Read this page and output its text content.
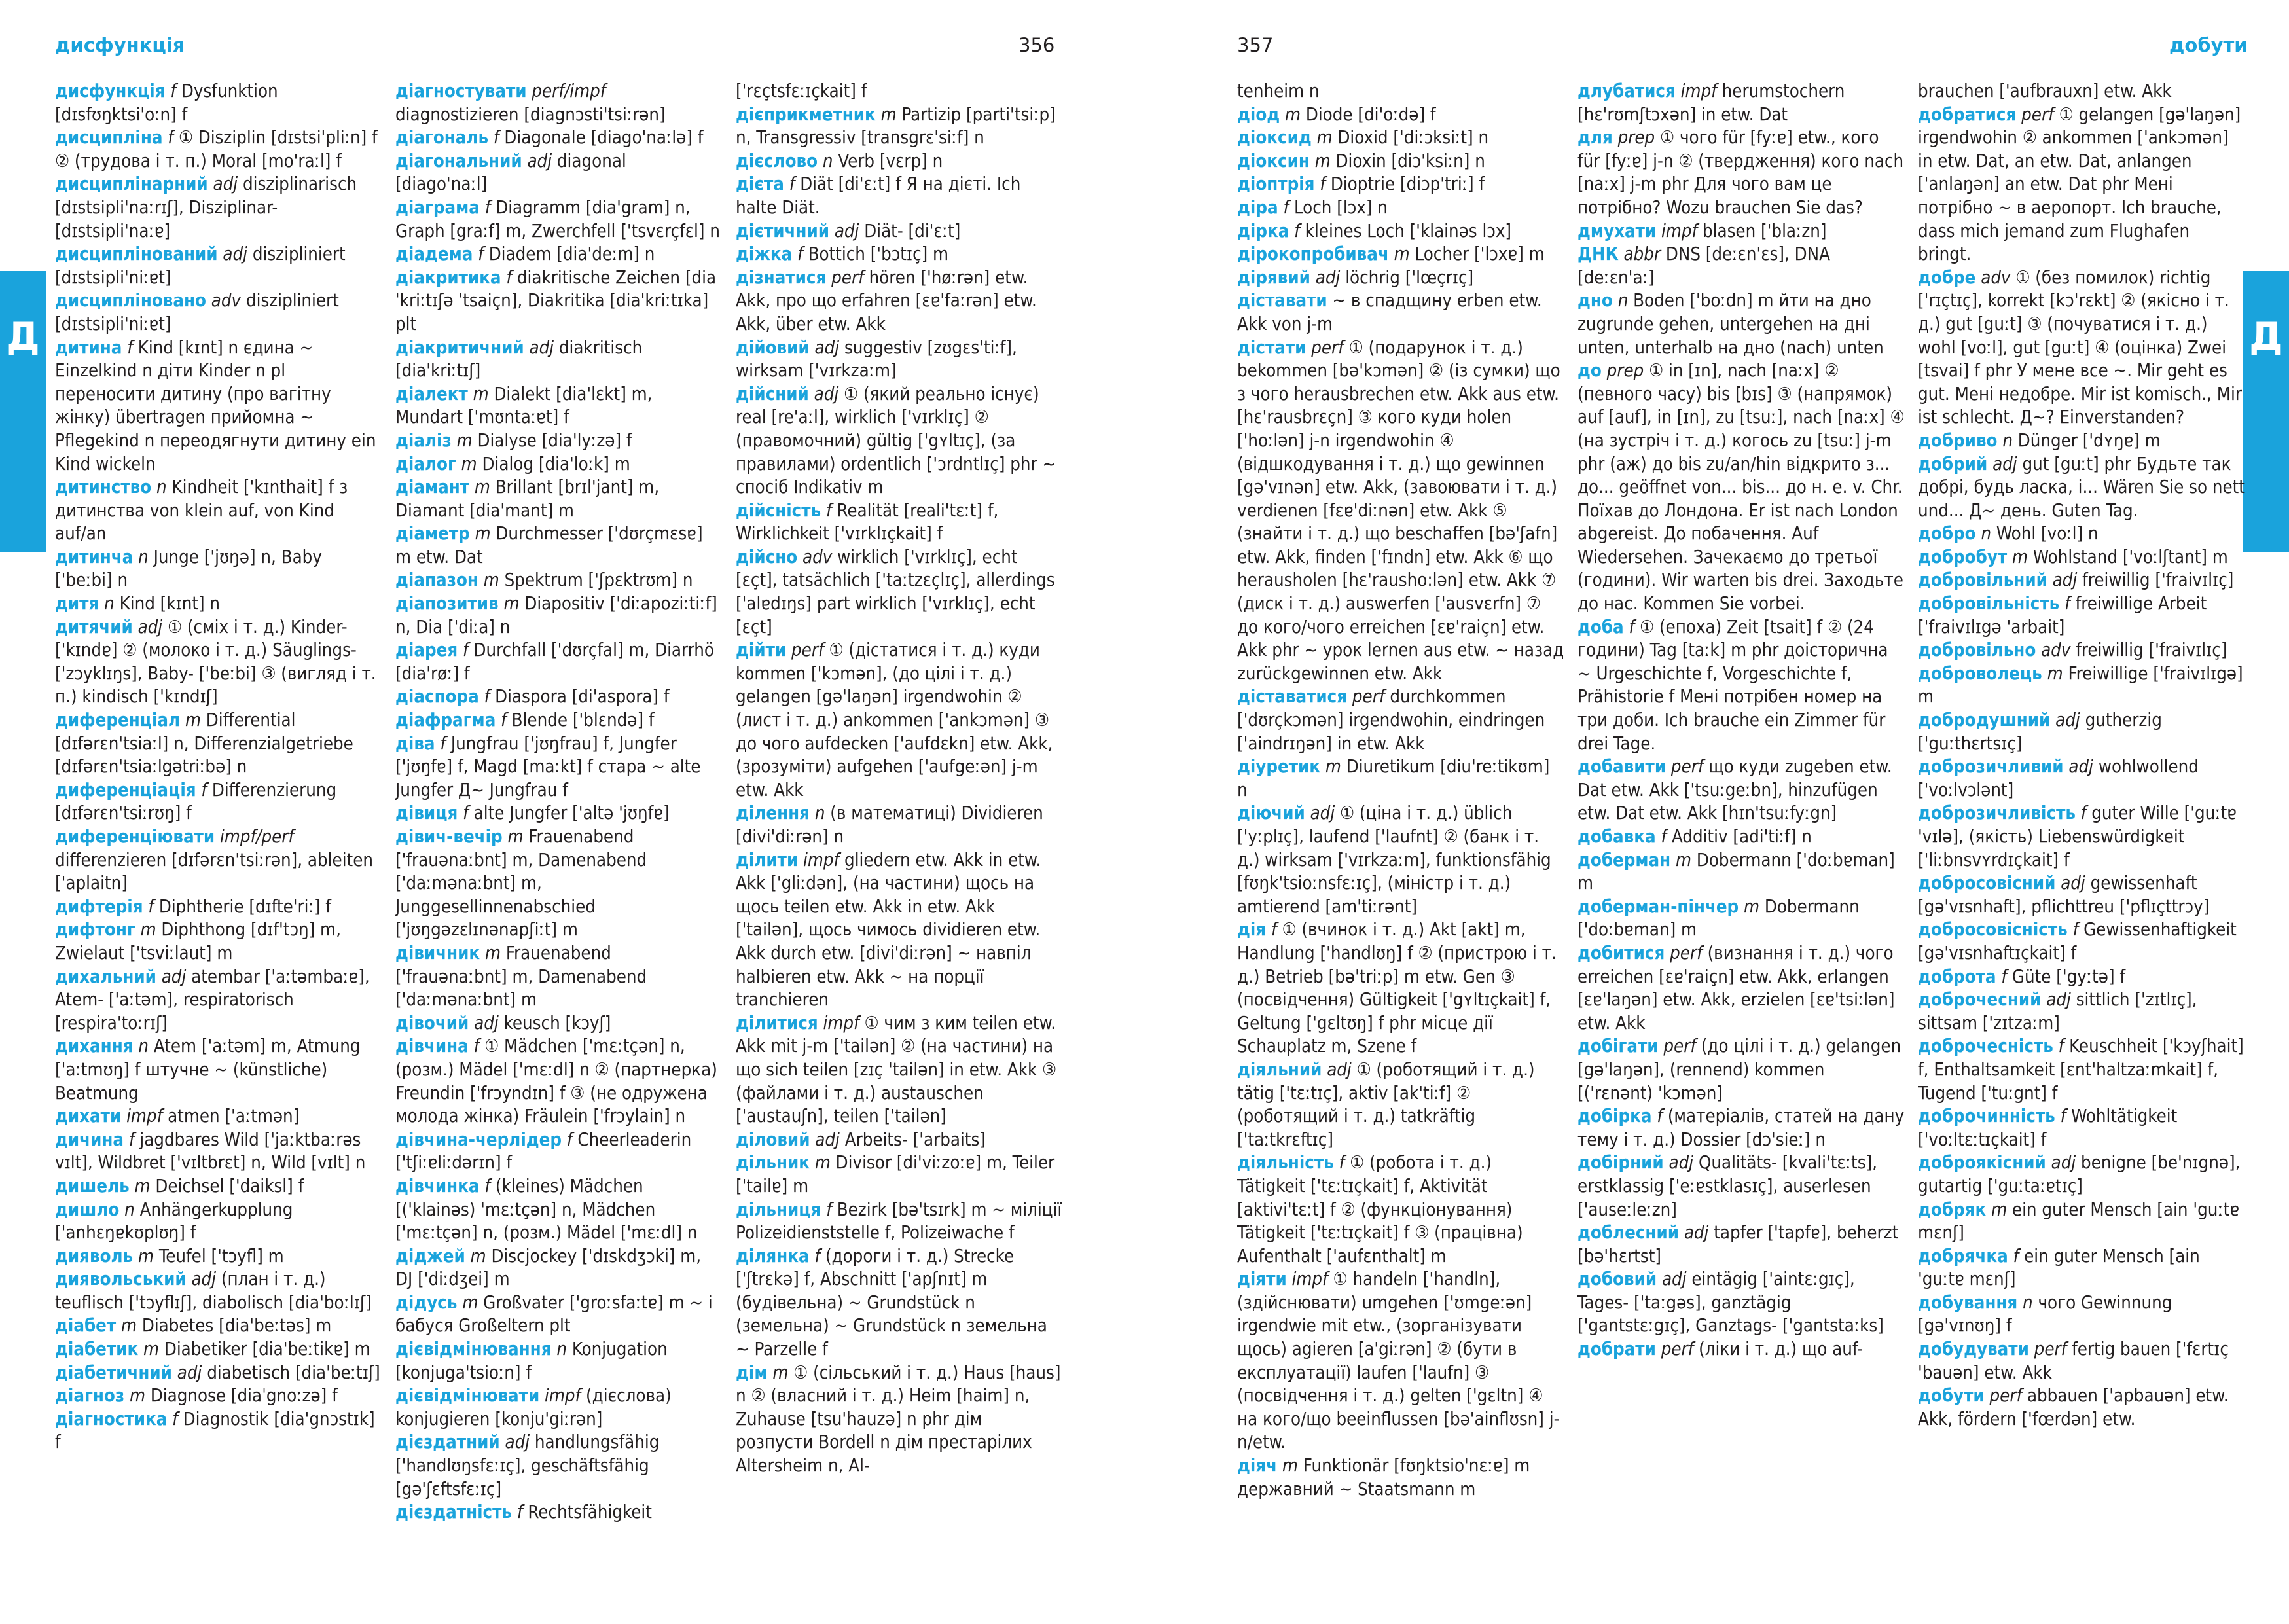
дисфункція	356
Д

дисфункція f Dysfunktion [dɪsfʊŋktsi'oːn] f

дисципліна f ① Disziplin [dɪstsi'pliːn] f ② (трудова і т. п.) Moral [mo'raːl] f

дисциплінарний adj disziplinarisch [dɪstsipli'naːrɪʃ], Disziplinar- [dɪstsipli'naːɐ]

дисциплінований adj diszipliniert [dɪstsipli'niːɐt]

дисципліновано adv diszipliniert [dɪstsipli'niːɐt]

дитина f Kind [kɪnt] n єдина ~ Einzelkind n діти Kinder n pl переносити дитину (про вагітну жінку) übertragen прийомна ~ Pflegekind n переодягнути дитину ein Kind wickeln

дитинство n Kindheit ['kɪnthait] f з дитинства von klein auf, von Kind auf/an

дитинча n Junge ['jʊŋə] n, Baby ['beːbi] n

дитя n Kind [kɪnt] n

дитячий adj ① (сміх і т. д.) Kinder- ['kɪndɐ] ② (молоко і т. д.) Säuglings- ['zɔyklɪŋs], Baby- ['beːbi] ③ (вигляд і т. п.) kindisch ['kɪndɪʃ]

диференціал m Differential [dɪfərɛn'tsiaːl] n, Differenzialgetriebe [dɪfərɛn'tsiaːlgətriːbə] n

диференціація f Differenzierung [dɪfərɛn'tsiːrʊŋ] f

диференціювати impf/perf differenzieren [dɪfərɛn'tsiːrən], ableiten ['aplaitn]

дифтерія f Diphtherie [dɪfte'riː] f

дифтонг m Diphthong [dɪf'tɔŋ] m, Zwielaut ['tsviːlaut] m

дихальний adj atembar ['aːtəmbaːɐ], Atem- ['aːtəm], respiratorisch [respira'toːrɪʃ]

дихання n Atem ['aːtəm] m, Atmung ['aːtmʊŋ] f штучне ~ (künstliche) Beatmung

дихати impf atmen ['aːtmən]

дичина f jagdbares Wild ['jaːktbaːrəs vɪlt], Wildbret ['vɪltbrɛt] n, Wild [vɪlt] n

дишель m Deichsel ['daiksl] f

дишло n Anhängerkupplung ['anhɛŋɐkʊplʊŋ] f

дияволь m Teufel ['tɔyfl] m

диявольський adj (план і т. д.) teuflisch ['tɔyflɪʃ], diabolisch [dia'boːlɪʃ]

діабет m Diabetes [dia'beːtəs] m

діабетик m Diabetiker [dia'beːtikɐ] m

діабетичний adj diabetisch [dia'beːtɪʃ]

діагноз m Diagnose [diaˈgnoːzə] f

діагностика f Diagnostik [dia'gnɔstɪk] f

діагностувати perf/impf diagnostizieren [diagnɔsti'tsiːrən]

діагональ f Diagonale [diago'naːlə] f

діагональний adj diagonal [diago'naːl]

діаграма f Diagramm [dia'gram] n, Graph [graːf] m, Zwerchfell ['tsvɛrçfɛl] n

діадема f Diadem [dia'deːm] n

діакритика f diakritische Zeichen [diaˈkriːtɪʃə ˈtsaiçn], Diakritika [dia'kriːtɪka] plt

діакритичний adj diakritisch [dia'kriːtɪʃ]

діалект m Dialekt [dia'lɛkt] m, Mundart ['mʊntaːɐt] f

діаліз m Dialyse [dia'lyːzə] f

діалог m Dialog [dia'loːk] m

діамант m Brillant [brɪl'jant] m, Diamant [dia'mant] m

діаметр m Durchmesser ['dʊrçmɛsɐ] m etw. Dat

діапазон m Spektrum ['ʃpɛktrʊm] n

діапозитив m Diapositiv ['diːapoziːtiːf] n, Dia ['diːa] n

діарея f Durchfall ['dʊrçfal] m, Diarrhö [dia'røː] f

діаспора f Diaspora [di'aspora] f

діафрагма f Blende ['blɛndə] f

діва f Jungfrau ['jʊŋfrau] f, Jungfer ['jʊŋfɐ] f, Magd [maːkt] f стара ~ alte Jungfer Д~ Jungfrau f

дівиця f alte Jungfer ['altə 'jʊŋfɐ]

дівич-вечір m Frauenabend ['frauənaːbnt] m, Damenabend ['daːmənaːbnt] m, Junggesellinnenabschied ['jʊŋgəzɛlɪnənapʃiːt] m

дівичник m Frauenabend ['frauənaːbnt] m, Damenabend ['daːmənaːbnt] m

дівочий adj keusch [kɔyʃ]

дівчина f ① Mädchen ['mɛːtçən] n, (розм.) Mädel ['mɛːdl] n ② (партнерка) Freundin ['frɔyndɪn] f ③ (не одружена молода жінка) Fräulein ['frɔylain] n

дівчина-черлідер f Cheerleaderin ['tʃiːɐliːdərɪn] f

дівчинка f (kleines) Mädchen [('klainəs) 'mɛːtçən] n, Mädchen ['mɛːtçən] n, (розм.) Mädel ['mɛːdl] n

діджей m Discjockey ['dɪskdʒɔki] m, DJ ['diːdʒei] m

дідусь m Großvater ['groːsfaːtɐ] m ~ і бабуся Großeltern plt

дієвідмінювання n Konjugation [konjuga'tsioːn] f

дієвідмінювати impf (дієслова) konjugieren [konju'giːrən]

дієздатний adj handlungsfähig ['handlʊŋsfɛːɪç], geschäftsfähig [gə'ʃɛftsfɛːɪç]

дієздатність f Rechtsfähigkeit

['rɛçtsfɛːɪçkait] f

дієприкметник m Partizip [parti'tsiːp] n, Transgressiv [transgrɛ'siːf] n

дієслово n Verb [vɛrp] n

дієта f Diät [di'ɛːt] f Я на дієті. Ich halte Diät.

дієтичний adj Diät- [di'ɛːt]

діжка f Bottich ['bɔtɪç] m

дізнатися perf hören ['høːrən] etw. Akk, про що erfahren [ɛɐ'faːrən] etw. Akk, über etw. Akk

дійовий adj suggestiv [zʊgɛs'tiːf], wirksam ['vɪrkzaːm]

дійсний adj ① (який реально існує) real [re'aːl], wirklich ['vɪrklɪç] ② (правомочний) gültig ['gʏltɪç], (за правилами) ordentlich ['ɔrdntlɪç] phr ~ спосіб Indikativ m

дійсність f Realität [reali'tɛːt] f, Wirklichkeit ['vɪrklɪçkait] f

дійсно adv wirklich ['vɪrklɪç], echt [ɛçt], tatsächlich ['taːtzɛçlɪç], allerdings ['alɐdɪŋs] part wirklich ['vɪrklɪç], echt [ɛçt]

дійти perf ① (дістатися і т. д.) куди kommen ['kɔmən], (до цілі і т. д.) gelangen [gə'laŋən] irgendwohin ② (лист і т. д.) ankommen ['ankɔmən] ③ до чого aufdecken ['aufdɛkn] etw. Akk, (зрозуміти) aufgehen ['aufgeːən] j-m etw. Akk

ділення n (в математиці) Dividieren [divi'diːrən] n

ділити impf gliedern etw. Akk in etw. Akk ['gliːdən], (на частини) щось на щось teilen etw. Akk in etw. Akk ['tailən], щось чимось dividieren etw. Akk durch etw. [divi'diːrən] ~ навпіл halbieren etw. Akk ~ на порції tranchieren

ділитися impf ① чим з ким teilen etw. Akk mit j-m ['tailən] ② (на частини) на що sich teilen [zɪç 'tailən] in etw. Akk ③ (файлами і т. д.) austauschen ['austauʃn], teilen ['tailən]

діловий adj Arbeits- ['arbaits]

дільник m Divisor [di'viːzoːɐ] m, Teiler ['tailɐ] m

дільниця f Bezirk [bə'tsɪrk] m ~ міліції Polizeidienststelle f, Polizeiwache f

ділянка f (дороги і т. д.) Strecke ['ʃtrɛkə] f, Abschnitt ['apʃnɪt] m (будівельна) ~ Grundstück n (земельна) ~ Grundstück n земельна ~ Parzelle f

дім m ① (сільський і т. д.) Haus [haus] n ② (власний і т. д.) Heim [haim] n, Zuhause [tsu'hauzə] n phr дім розпусти Bordell n дім престарілих Altersheim n, Al-

357	добути
Д

tenheim n

діод m Diode [di'oːdə] f

діоксид m Dioxid ['diːɔksiːt] n

діоксин m Dioxin [diɔ'ksiːn] n

діоптрія f Dioptrie [diɔp'triː] f

діра f Loch [lɔx] n

дірка f kleines Loch ['klainəs lɔx]

дірокопробивач m Locher ['lɔxɐ] m

дірявий adj löchrig ['lœçrɪç]

діставати ~ в спадщину erben etw. Akk von j-m

дістати perf ① (подарунок і т. д.) bekommen [bə'kɔmən] ② (із сумки) що з чого herausbrechen etw. Akk aus etw. [hɛ'rausbrɛçn] ③ кого куди holen ['hoːlən] j-n irgendwohin ④ (відшкодування і т. д.) що gewinnen [gə'vɪnən] etw. Akk, (завоювати і т. д.) verdienen [fɛɐ'diːnən] etw. Akk ⑤ (знайти і т. д.) що beschaffen [bə'ʃafn] etw. Akk, finden ['fɪndn] etw. Akk ⑥ що herausholen [hɛ'rausho:lən] etw. Akk ⑦ (диск і т. д.) auswerfen ['ausvɛrfn] ⑦ до кого/чого erreichen [ɛɐ'raiçn] etw. Akk phr ~ урок lernen aus etw. ~ назад zurückgewinnen etw. Akk

діставатися perf durchkommen ['dʊrçkɔmən] irgendwohin, eindringen ['aindrɪŋən] in etw. Akk

діуретик m Diuretikum [diu'reːtikʊm] n

діючий adj ① (ціна і т. д.) üblich ['yːplɪç], laufend ['laufnt] ② (банк і т. д.) wirksam ['vɪrkzaːm], funktionsfähig [fʊŋk'tsioːnsfɛːɪç], (міністр і т. д.) amtierend [am'tiːrənt]

дія f ① (вчинок і т. д.) Akt [akt] m, Handlung ['handlʊŋ] f ② (пристрою і т. д.) Betrieb [bə'triːp] m etw. Gen ③ (посвідчення) Gültigkeit ['gʏltɪçkait] f, Geltung ['gɛltʊŋ] f phr місце дії Schauplatz m, Szene f

діяльний adj ① (роботящий і т. д.) tätig ['tɛːtɪç], aktiv [ak'tiːf] ② (роботящий і т. д.) tatkräftig ['taːtkrɛftɪç]

діяльність f ① (робота і т. д.) Tätigkeit ['tɛːtɪçkait] f, Aktivität [aktivi'tɛːt] f ② (функціонування) Tätigkeit ['tɛːtɪçkait] f ③ (працівна) Aufenthalt ['aufɛnthalt] m

діяти impf ① handeln ['handln], (здійснювати) umgehen ['ʊmgeːən] irgendwie mit etw., (зорганізувати щось) agieren [a'giːrən] ② (бути в експлуатації) laufen ['laufn] ③ (посвідчення і т. д.) gelten ['gɛltn] ④ на кого/що beeinflussen [bə'ainflʊsn] j-n/etw.

діяч m Funktionär [fʊŋktsio'nɛːɐ] m державний ~ Staatsmann m

длубатися impf herumstochern [hɛ'rʊmʃtɔxən] in etw. Dat

для prep ① чого für [fyːɐ] etw., кого für [fyːɐ] j-n ② (твердження) кого nach [naːx] j-m phr Для чого вам це потрібно? Wozu brauchen Sie das?

дмухати impf blasen ['blaːzn]

ДНК abbr DNS [deːɛn'ɛs], DNA [deːɛn'aː]

дно n Boden ['boːdn] m йти на дно zugrunde gehen, untergehen на дні unten, unterhalb на дно (nach) unten

до prep ① in [ɪn], nach [naːx] ② (певного часу) bis [bɪs] ③ (напрямок) auf [auf], in [ɪn], zu [tsuː], nach [naːx] ④ (на зустріч і т. д.) когось zu [tsuː] j-m phr (аж) до bis zu/an/hin відкрито з... до... geöffnet von... bis... до н. е. v. Chr. Поїхав до Лондона. Er ist nach London abgereist. До побачення. Auf Wiedersehen. Зачекаємо до третьої (години). Wir warten bis drei. Заходьте до нас. Kommen Sie vorbei.

доба f ① (епоха) Zeit [tsait] f ② (24 години) Tag [taːk] m phr доісторична ~ Urgeschichte f, Vorgeschichte f, Prähistorie f Мені потрібен номер на три доби. Ich brauche ein Zimmer für drei Tage.

добавити perf що куди zugeben etw. Dat etw. Akk ['tsuːgeːbn], hinzufügen etw. Dat etw. Akk [hɪn'tsuːfyːgn]

добавка f Additiv [adi'tiːf] n

доберман m Dobermann ['doːbɐman] m

доберман-пінчер m Dobermann ['doːbɐman] m

добитися perf (визнання і т. д.) чого erreichen [ɛɐ'raiçn] etw. Akk, erlangen [ɛɐ'laŋən] etw. Akk, erzielen [ɛɐ'tsiːlən] etw. Akk

добігати perf (до цілі і т. д.) gelangen [gə'laŋən], (rennend) kommen [('rɛnənt) 'kɔmən]

добірка f (матеріалів, статей на дану тему і т. д.) Dossier [dɔ'sieː] n

добірний adj Qualitäts- [kvali'tɛːts], erstklassig ['eːɐstklasɪç], auserlesen ['auseːleːzn]

доблесний adj tapfer ['tapfɐ], beherzt [bə'hɛrtst]

добовий adj eintägig ['aintɛːgɪç], Tages- ['taːgəs], ganztägig ['gantstɛːgɪç], Ganztags- ['gantstaːks]

добрати perf (ліки і т. д.) що auf-

brauchen ['aufbrauxn] etw. Akk

добратися perf ① gelangen [gə'laŋən] irgendwohin ② ankommen ['ankɔmən] in etw. Dat, an etw. Dat, anlangen ['anlaŋən] an etw. Dat phr Мені потрібно ~ в аеропорт. Ich brauche, dass mich jemand zum Flughafen bringt.

добре adv ① (без помилок) richtig ['rɪçtɪç], korrekt [kɔ'rɛkt] ② (якісно і т. д.) gut [guːt] ③ (почуватися і т. д.) wohl [voːl], gut [guːt] ④ (оцінка) Zwei [tsvai] f phr У мене все ~. Mir geht es gut. Мені недобре. Mir ist komisch., Mir ist schlecht. Д~? Einverstanden?

добриво n Dünger ['dʏŋɐ] m

добрий adj gut [guːt] phr Будьте так добрі, будь ласка, і... Wären Sie so nett und... Д~ день. Guten Tag.

добро n Wohl [voːl] n

добробут m Wohlstand ['voːlʃtant] m

добровільний adj freiwillig ['fraivɪlɪç]

добровільність f freiwillige Arbeit ['fraivɪlɪgə 'arbait]

добровільно adv freiwillig ['fraivɪlɪç]

доброволець m Freiwillige ['fraivɪlɪgə] m

добродушний adj gutherzig ['guːthɛrtsɪç]

доброзичливий adj wohlwollend ['voːlvɔlənt]

доброзичливість f guter Wille ['guːtɐ 'vɪlə], (якість) Liebenswürdigkeit ['liːbnsvʏrdɪçkait] f

добросовісний adj gewissenhaft [gə'vɪsnhaft], pflichttreu ['pflɪçttrɔy]

добросовісність f Gewissenhaftigkeit [gə'vɪsnhaftɪçkait] f

доброта f Güte ['gyːtə] f

доброчесний adj sittlich ['zɪtlɪç], sittsam ['zɪtzaːm]

доброчесність f Keuschheit ['kɔyʃhait] f, Enthaltsamkeit [ɛnt'haltzaːmkait] f, Tugend ['tuːgnt] f

доброчинність f Wohltätigkeit ['voːltɛːtɪçkait] f

доброякісний adj benigne [be'nɪgnə], gutartig ['guːtaːɐtɪç]

добряк m ein guter Mensch [ain 'guːtɐ mɛnʃ]

добрячка f ein guter Mensch [ain 'guːtɐ mɛnʃ]

добування n чого Gewinnung [gə'vɪnʊŋ] f

добудувати perf fertig bauen ['fɛrtɪç 'bauən] etw. Akk

добути perf abbauen ['apbauən] etw. Akk, fördern ['fœrdən] etw.
